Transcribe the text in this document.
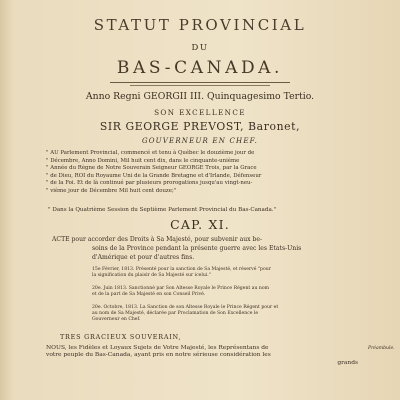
STATUT PROVINCIAL
DU
BAS-CANADA.
Anno Regni GEORGII III. Quinquagesimo Tertio.
SON EXCELLENCE
SIR GEORGE PREVOST, Baronet,
GOUVERNEUR EN CHEF.
" AU Parlement Provincial, commencé et tenu à Québec le douzième jour de
" Décembre, Anno Domini, Mil huit cent dix, dans le cinquante-unième
" Année du Règne de Notre Souverain Seigneur GEORGE Trois, par la Grace
" de Dieu, ROI du Royaume Uni de la Grande Bretagne et d'Irlande, Défenseur
" de la Foi. Et de là continué par plusieurs prorogations jusqu'au vingt-neu-
" vième jour de Décembre Mil huit cent douze;"
" Dans la Quatrième Session du Septième Parlement Provincial du Bas-Canada."
CAP. XI.
ACTE pour accorder des Droits à Sa Majesté, pour subvenir aux be-
soins de la Province pendant la présente guerre avec les Etats-Unis
d'Amérique et pour d'autres fins.
15e Février, 1813. Présenté pour la sanction de Sa Majesté, et réservé "pour
la signification du plaisir de Sa Majesté sur icelui."
20e. Juin 1813. Sanctionné par Son Altesse Royale le Prince Régent au nom
et de la part de Sa Majesté en son Conseil Privé.
20e. Octobre, 1813. La Sanction de son Altesse Royale le Prince Régent pour et
au nom de Sa Majesté, déclarée par Proclamation de Son Excellence le
Gouverneur en Chef.
TRES GRACIEUX SOUVERAIN,
NOUS, les Fidèles et Loyaux Sujets de Votre Majesté, les Représentans de
votre peuple du Bas-Canada, ayant pris en notre sérieuse considération les
grands
Préambule.
